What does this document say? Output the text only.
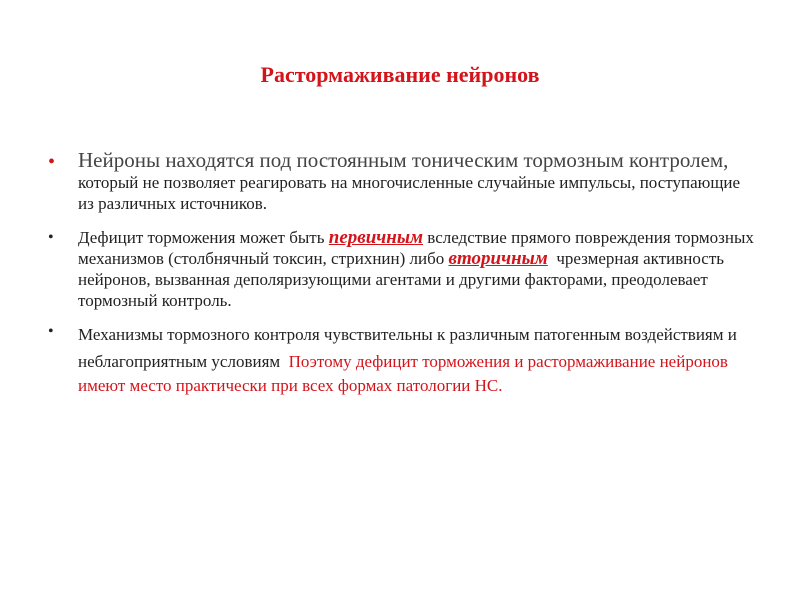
Растормаживание нейронов
• Нейроны находятся под постоянным тоническим тормозным контролем, который не позволяет реагировать на многочисленные случайные импульсы, поступающие из различных источников.
• Дефицит торможения может быть первичным вследствие прямого повреждения тормозных механизмов (столбнячный токсин, стрихнин) либо вторичным  чрезмерная активность нейронов, вызванная деполяризующими агентами и другими факторами, преодолевает тормозный контроль.
• Механизмы тормозного контроля чувствительны к различным патогенным воздействиям и неблагоприятным условиям  Поэтому дефицит торможения и растормаживание нейронов имеют место практически при всех формах патологии НС.
